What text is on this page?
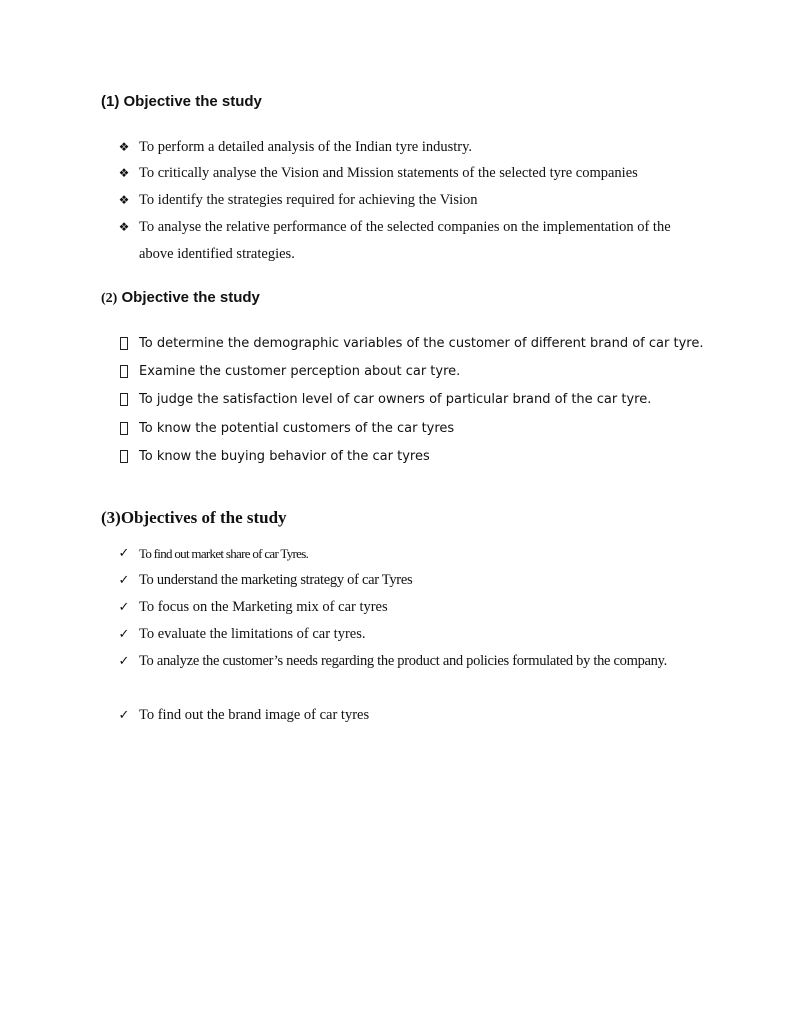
(1) Objective the study
❖ To perform a detailed analysis of the Indian tyre industry.
❖ To critically analyse the Vision and Mission statements of the selected tyre companies
❖ To identify the strategies required for achieving the Vision
❖ To analyse the relative performance of the selected companies on the implementation of the above identified strategies.
(2) Objective the study
To determine the demographic variables of the customer of different brand of car tyre.
Examine the customer perception about car tyre.
To judge the satisfaction level of car owners of particular brand of the car tyre.
To know the potential customers of the car tyres
To know the buying behavior of the car tyres
(3)Objectives of the study
✓ To find out market share of car Tyres.
✓ To understand the marketing strategy of car Tyres
✓ To focus on the Marketing mix of car tyres
✓ To evaluate the limitations of car tyres.
✓ To analyze the customer’s needs regarding the product and policies formulated by the company.
✓ To find out the brand image of car tyres
